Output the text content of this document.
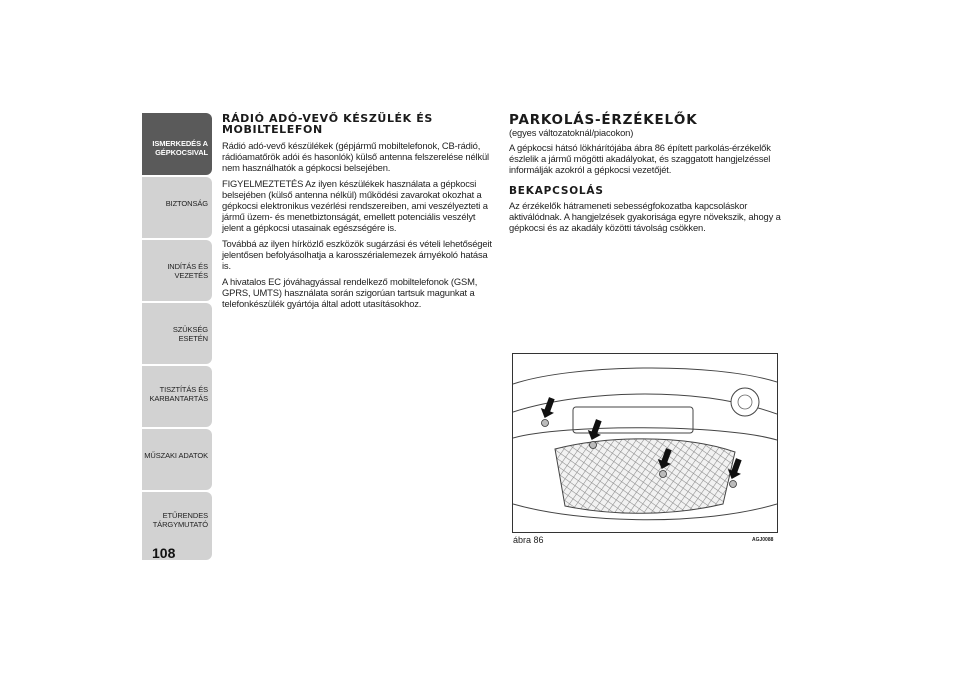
ISMERKEDÉS A
GÉPKOCSIVAL
BIZTONSÁG
INDÍTÁS ÉS VEZETÉS
SZÜKSÉG ESETÉN
TISZTÍTÁS ÉS
KARBANTARTÁS
MŰSZAKI ADATOK
ETŰRENDES
TÁRGYMUTATÓ
108
RÁDIÓ ADÓ-VEVŐ KÉSZÜLÉK ÉS MOBILTELEFON

Rádió adó-vevő készülékek (gépjármű mobiltelefonok, CB-rádió, rádióamatőrök adói és hasonlók) külső antenna felszerelése nélkül nem használhatók a gépkocsi belsejében.

FIGYELMEZTETÉS Az ilyen készülékek használata a gépkocsi belsejében (külső antenna nélkül) működési zavarokat okozhat a gépkocsi elektronikus vezérlési rendszereiben, ami veszélyezteti a jármű üzem- és menetbiztonságát, emellett potenciális veszélyt jelent a gépkocsi utasainak egészségére is.

Továbbá az ilyen hírközlő eszközök sugárzási és vételi lehetőségeit jelentősen befolyásolhatja a karosszérialemezek árnyékoló hatása is.

A hivatalos EC jóváhagyással rendelkező mobiltelefonok (GSM, GPRS, UMTS) használata során szigorúan tartsuk magunkat a telefonkészülék gyártója által adott utasításokhoz.

PARKOLÁS-ÉRZÉKELŐK

(egyes változatoknál/piacokon)

A gépkocsi hátsó lökhárítójába ábra 86 épített parkolás-érzékelők észlelik a jármű mögötti akadályokat, és szaggatott hangjelzéssel informálják azokról a gépkocsi vezetőjét.

BEKAPCSOLÁS

Az érzékelők hátrameneti sebességfokozatba kapcsoláskor aktiválódnak. A hangjelzések gyakorisága egyre növekszik, ahogy a gépkocsi és az akadály közötti távolság csökken.

ábra 86	AGJ0088
